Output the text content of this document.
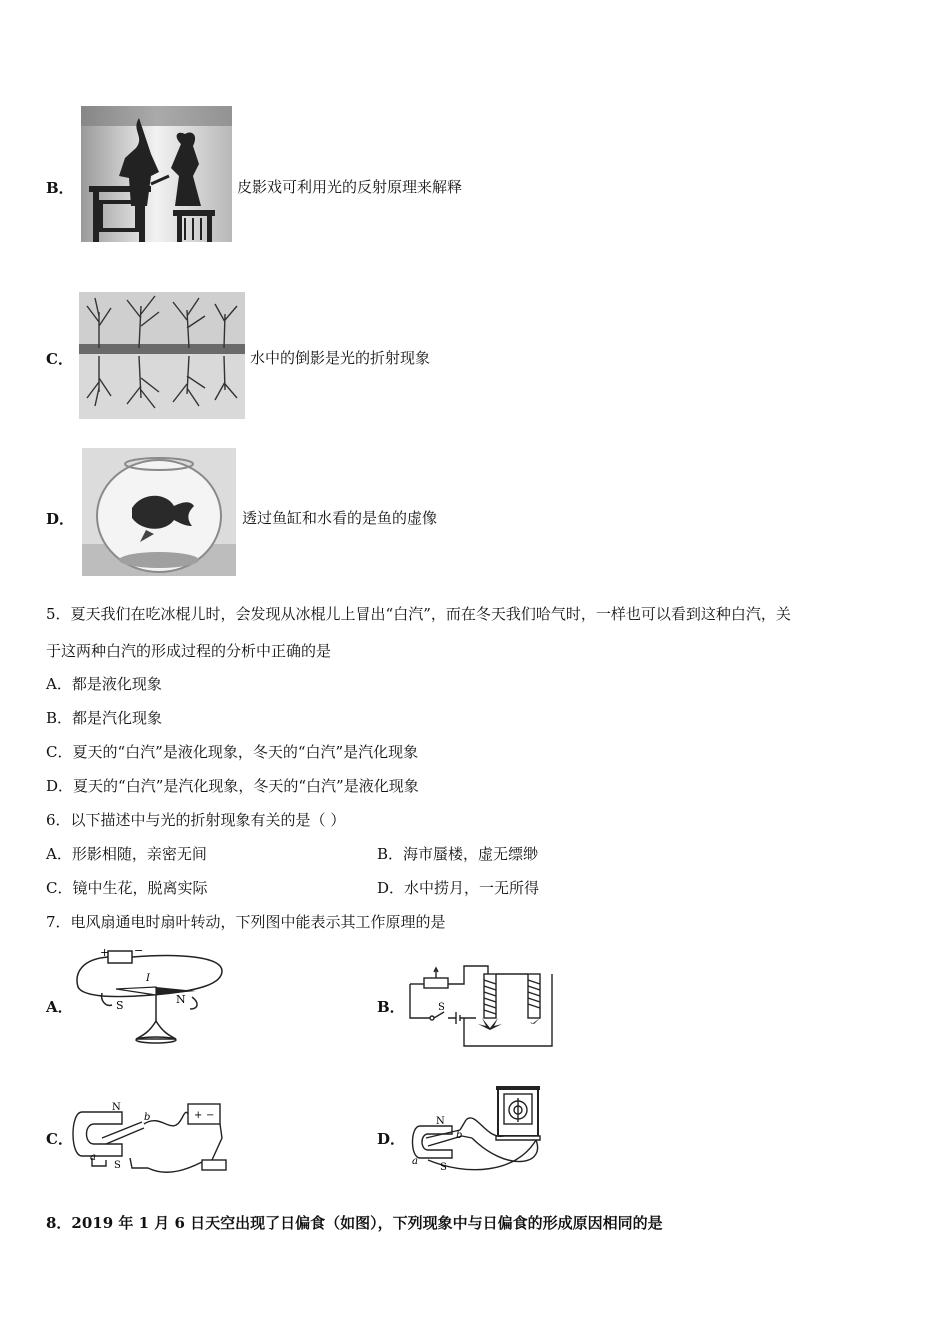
B．	皮影戏可利用光的反射原理来解释
C．	水中的倒影是光的折射现象
D．	透过鱼缸和水看的是鱼的虚像
5．夏天我们在吃冰棍儿时，会发现从冰棍儿上冒出“白汽”，而在冬天我们哈气时，一样也可以看到这种白汽，关
于这两种白汽的形成过程的分析中正确的是
A．都是液化现象
B．都是汽化现象
C．夏天的“白汽”是液化现象，冬天的“白汽”是汽化现象
D．夏天的“白汽”是汽化现象，冬天的“白汽”是液化现象
6．以下描述中与光的折射现象有关的是（ ）
A．形影相随，亲密无间	B．海市蜃楼，虚无缥缈
C．镜中生花，脱离实际	D．水中捞月，一无所得
7．电风扇通电时扇叶转动，下列图中能表示其工作原理的是
A．
+ −
I
S	N	B．	S
C．
N
S
a
b	+ −
D．
N
S
a
b
8．2019 年 1 月 6 日天空出现了日偏食（如图），下列现象中与日偏食的形成原因相同的是
